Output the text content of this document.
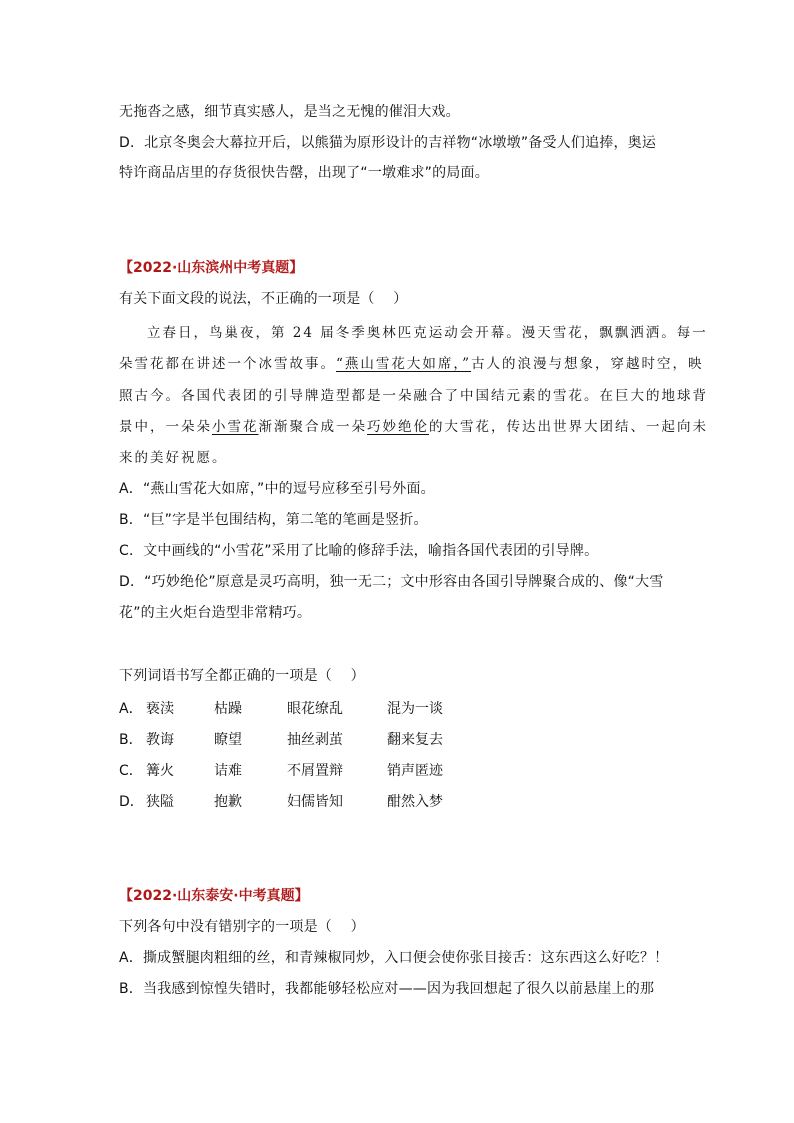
无拖沓之感，细节真实感人，是当之无愧的催泪大戏。
D．北京冬奥会大幕拉开后，以熊猫为原形设计的吉祥物“冰墩墩”备受人们追捧，奥运
特许商品店里的存货很快告罄，出现了“一墩难求”的局面。
【2022·山东滨州中考真题】
有关下面文段的说法，不正确的一项是（    ）
立春日，鸟巢夜，第 24 届冬季奥林匹克运动会开幕。漫天雪花，飘飘洒洒。每一
朵雪花都在讲述一个冰雪故事。“燕山雪花大如席，”古人的浪漫与想象，穿越时空，映
照古今。各国代表团的引导牌造型都是一朵融合了中国结元素的雪花。在巨大的地球背
景中，一朵朵小雪花渐渐聚合成一朵巧妙绝伦的大雪花，传达出世界大团结、一起向未
来的美好祝愿。
A．“燕山雪花大如席，”中的逗号应移至引号外面。
B．“巨”字是半包围结构，第二笔的笔画是竖折。
C．文中画线的“小雪花”采用了比喻的修辞手法，喻指各国代表团的引导牌。
D．“巧妙绝伦”原意是灵巧高明，独一无二；文中形容由各国引导牌聚合成的、像“大雪
花”的主火炬台造型非常精巧。
下列词语书写全都正确的一项是（    ）
A． 亵渎	枯躁	眼花缭乱	混为一谈
B． 教诲	瞭望	抽丝剥茧	翻来复去
C． 篝火	诘难	不屑置辩	销声匿迹
D． 狭隘	抱歉	妇儒皆知	酣然入梦
【2022·山东泰安·中考真题】
下列各句中没有错别字的一项是（    ）
A．撕成蟹腿肉粗细的丝，和青辣椒同炒，入口便会使你张目接舌：这东西这么好吃？！
B．当我感到惊惶失错时，我都能够轻松应对——因为我回想起了很久以前悬崖上的那
